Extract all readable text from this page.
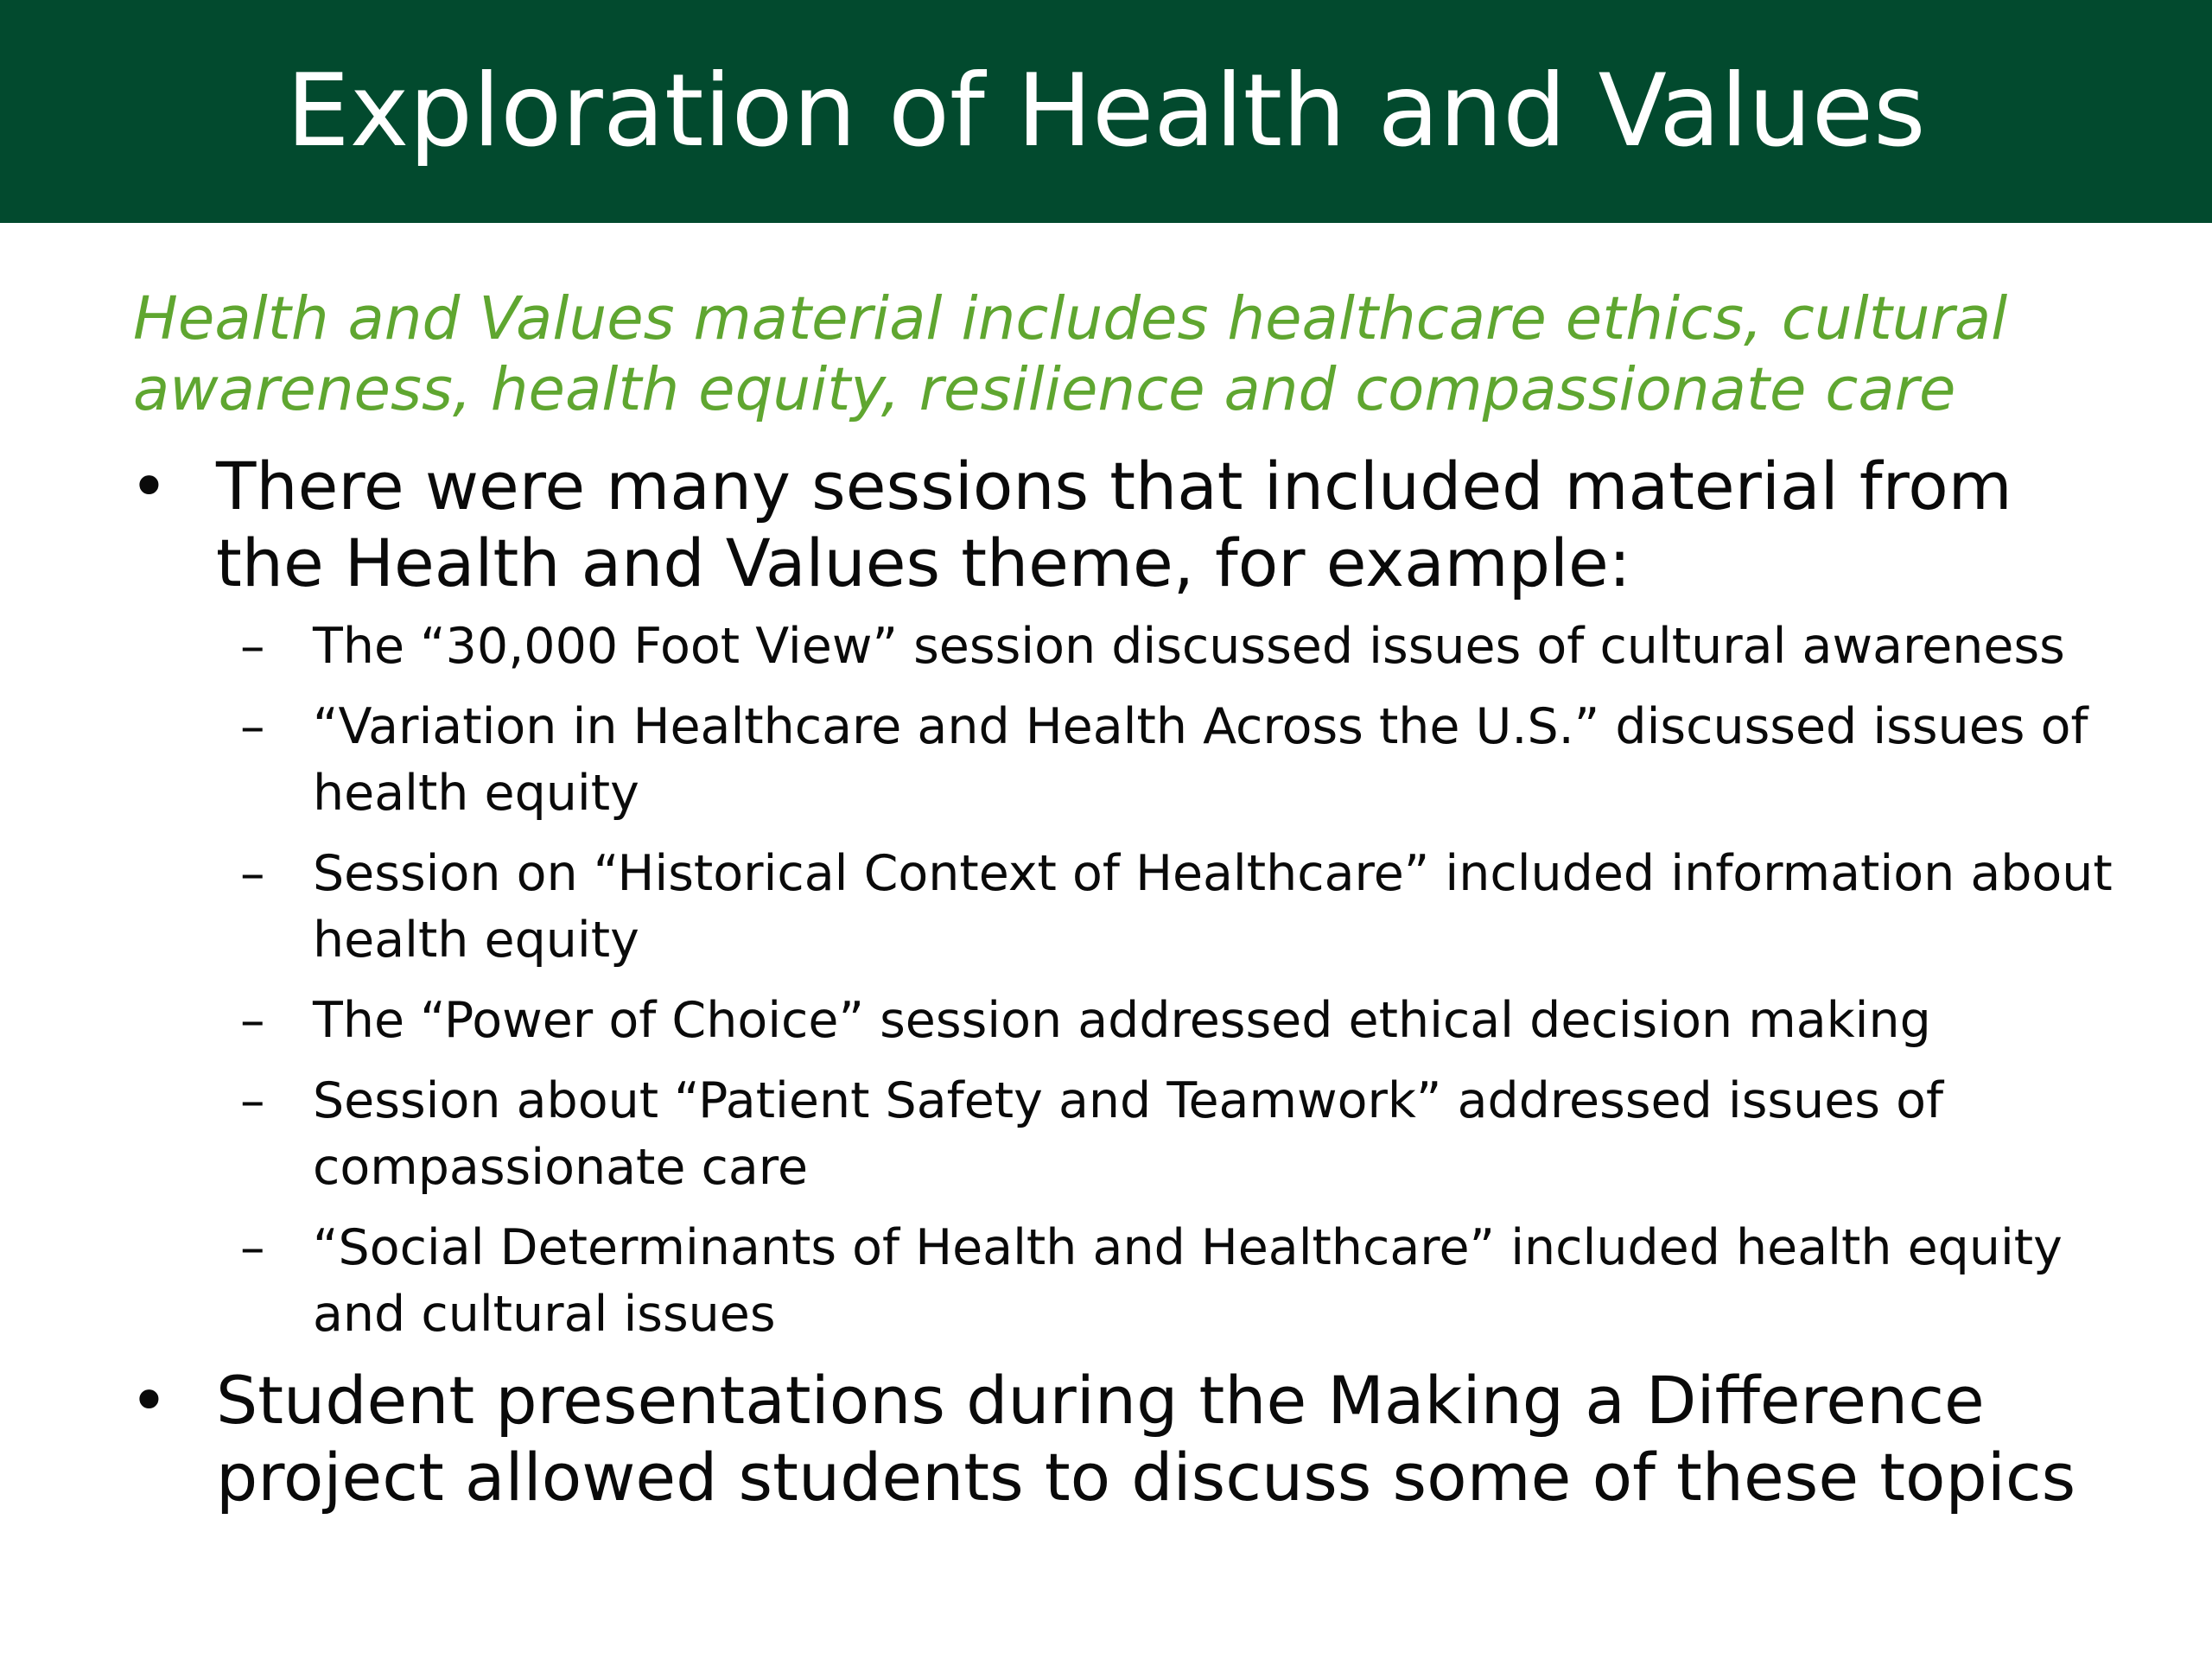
Exploration of Health and Values

Health and Values material includes healthcare ethics, cultural awareness, health equity, resilience and compassionate care

• There were many sessions that included material from the Health and Values theme, for example:
– The “30,000 Foot View” session discussed issues of cultural awareness
– “Variation in Healthcare and Health Across the U.S.” discussed issues of health equity
– Session on “Historical Context of Healthcare” included information about health equity
– The “Power of Choice” session addressed ethical decision making
– Session about “Patient Safety and Teamwork” addressed issues of compassionate care
– “Social Determinants of Health and Healthcare” included health equity and cultural issues
• Student presentations during the Making a Difference project allowed students to discuss some of these topics
